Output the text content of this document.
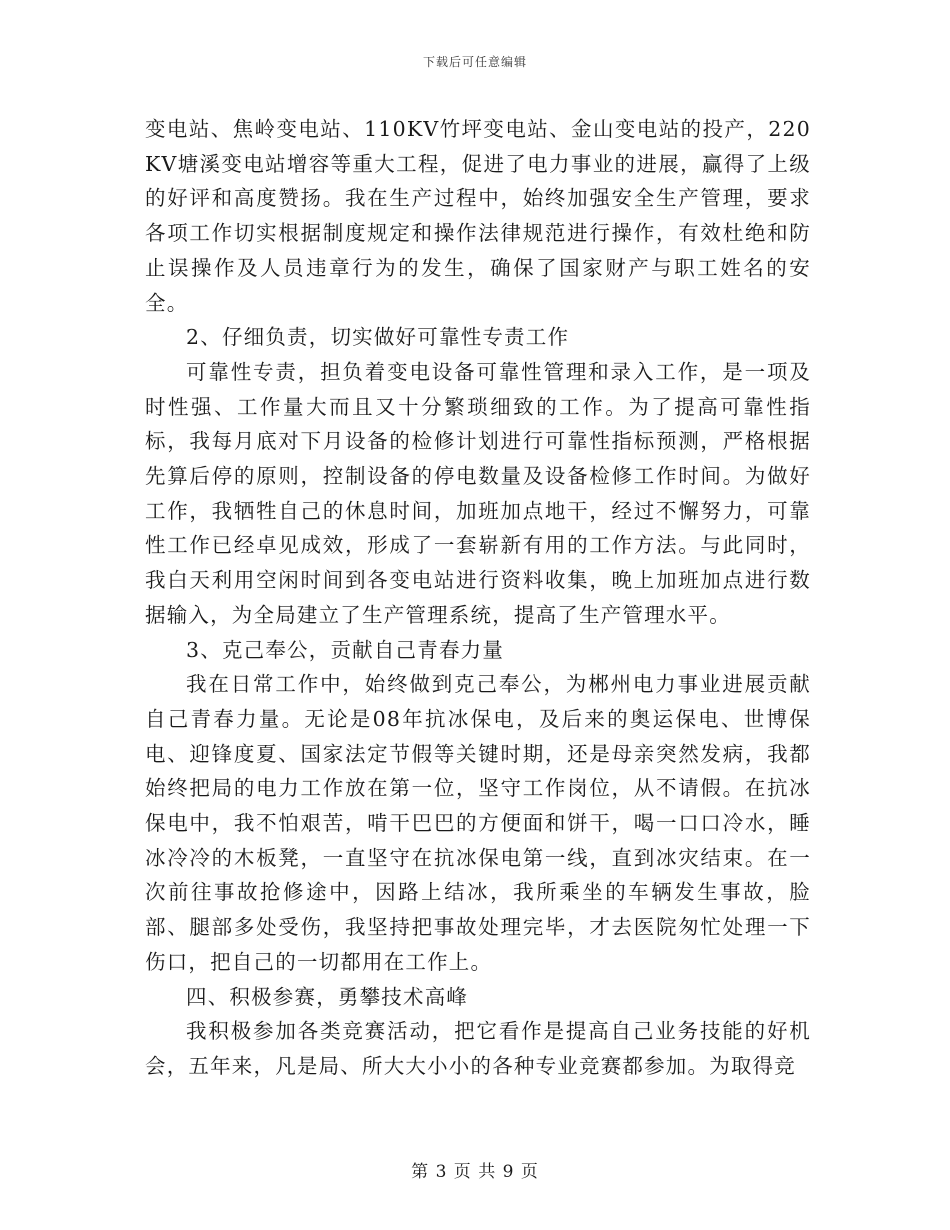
下载后可任意编辑

变电站、焦岭变电站、110KV竹坪变电站、金山变电站的投产，220KV塘溪变电站增容等重大工程，促进了电力事业的进展，赢得了上级的好评和高度赞扬。我在生产过程中，始终加强安全生产管理，要求各项工作切实根据制度规定和操作法律规范进行操作，有效杜绝和防止误操作及人员违章行为的发生，确保了国家财产与职工姓名的安全。

2、仔细负责，切实做好可靠性专责工作

可靠性专责，担负着变电设备可靠性管理和录入工作，是一项及时性强、工作量大而且又十分繁琐细致的工作。为了提高可靠性指标，我每月底对下月设备的检修计划进行可靠性指标预测，严格根据先算后停的原则，控制设备的停电数量及设备检修工作时间。为做好工作，我牺牲自己的休息时间，加班加点地干，经过不懈努力，可靠性工作已经卓见成效，形成了一套崭新有用的工作方法。与此同时，我白天利用空闲时间到各变电站进行资料收集，晚上加班加点进行数据输入，为全局建立了生产管理系统，提高了生产管理水平。

3、克己奉公，贡献自己青春力量

我在日常工作中，始终做到克己奉公，为郴州电力事业进展贡献自己青春力量。无论是08年抗冰保电，及后来的奥运保电、世博保电、迎锋度夏、国家法定节假等关键时期，还是母亲突然发病，我都始终把局的电力工作放在第一位，坚守工作岗位，从不请假。在抗冰保电中，我不怕艰苦，啃干巴巴的方便面和饼干，喝一口口冷水，睡冰冷冷的木板凳，一直坚守在抗冰保电第一线，直到冰灾结束。在一次前往事故抢修途中，因路上结冰，我所乘坐的车辆发生事故，脸部、腿部多处受伤，我坚持把事故处理完毕，才去医院匆忙处理一下伤口，把自己的一切都用在工作上。

四、积极参赛，勇攀技术高峰

我积极参加各类竞赛活动，把它看作是提高自己业务技能的好机会，五年来，凡是局、所大大小小的各种专业竞赛都参加。为取得竞

第 3 页 共 9 页
